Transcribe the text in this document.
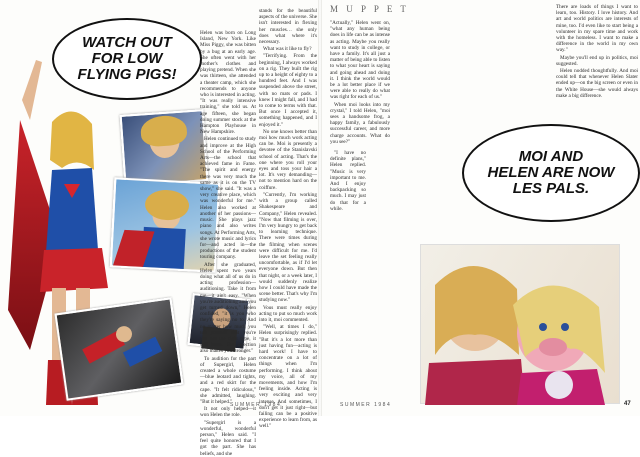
WATCH OUT
FOR LOW
FLYING PIGS!

Helen was born on Long Island, New York. Like Miss Piggy, she was bitten by a bug at an early age. She often went with her mother's clothes and playing pretend. When she was thirteen, she attended a theater camp, which she recommends to anyone who is interested in acting. "It was really intensive training," she told us. At age fifteen, she began doing summer stock at the Hampton Playhouse in New Hampshire.

Helen continued to study and improve at the High School of the Performing Arts—the school that achieved fame in Fame. "The spirit and energy there was very much the same as it is on the TV show," she said. "It was a very creative place, which was wonderful for me." Helen also worked at another of her passions—music. She plays jazz piano and also writes songs. At Performing Arts, she wrote music and lyrics for—and acted in—the productions of the student touring company.

After she graduated, Helen spent two years doing what all of us do in acting profession—auditioning. Take it from me—it ain't easy. "When you're auditioning and you get turned down," Helen confided, "it is you who they're saying no to. And no matter how much you tell yourself that you're just not the right type, it still hurts. But rejection also makes you stronger."

To audition for the part of Supergirl, Helen created a whole costume—blue leotard and tights, and a red skirt for the cape. "It felt ridiculous," she admitted, laughing. "But it helped."

It not only helped—it won Helen the role.

"Supergirl is a wonderful, wonderful person," Helen said. "I feel quite honored that I got the part. She has beliefs, and she

stands for the beautiful aspects of the universe. She isn't interested in flexing her muscles… she only does what where it's necessary.

What was it like to fly?

"Terrifying. From the beginning, I always worked on a rig. They built the rig up to a height of eighty to a hundred feet. And I was suspended above the street, with no mats or pads. I knew I might fall, and I had to come to terms with that. But once I accepted it, something happened, and I enjoyed it."

No one knows better than moi how much work acting can be. Moi is presently a devotee of the Stanislavski school of acting. That's the one where you roll your eyes and toss your hair a lot. It's very demanding—not to mention hard on the coiffure.

"Currently, I'm working with a group called Shakespeare and Company," Helen revealed. "Now that filming is over, I'm very hungry to get back to learning technique. There were times during the filming when scenes were difficult for me. I'd leave the set feeling really uncomfortable, as if I'd let everyone down. But then that night, or a week later, I would suddenly realize how I could have made the scene better. That's why I'm studying now."

Vous must really enjoy acting to put so much work into it, moi commented.

"Well, at times I do," Helen surprisingly replied. "But it's a lot more than just having fun—acting is hard work! I have to concentrate on a lot of things when I'm performing. I think about my voice, all of my movements, and how I'm feeling inside. Acting is very exciting and very intense. And sometimes, I don't get it just right—but failing can be a positive experience to learn from, as well."

SUMMER 1984
M U P P E T

"Actually," Helen went on, "what any human being does in life can be as intense as acting. Maybe you really want to study in college, or have a family. It's all just a matter of being able to listen to what your heart is saying and going ahead and doing it. I think the world would be a lot better place if we were able to really do what was right for each of us."

When moi looks into my crystal," I told Helen, "moi sees a handsome frog, a happy family, a fabulously successful career, and more charge accounts. What do you see?"

"I have no definite plans," Helen replied. "Music is very important to me. And I enjoy backpacking so much. I may just do that for a while.

There are loads of things I want to learn, too. History. I love history. And art and world politics are interests of mine, too. I'd even like to start being a volunteer in my spare time and work with the homeless. I want to make a difference in the world in my own way."

Maybe you'll end up in politics, moi suggested.

Helen nodded thoughtfully. And moi could tell that whenever Helen Slater ended up—on the big screen or even in the White House—she would always make a big difference.

MOI AND
HELEN ARE NOW
LES PALS.
SUMMER 1984	47
